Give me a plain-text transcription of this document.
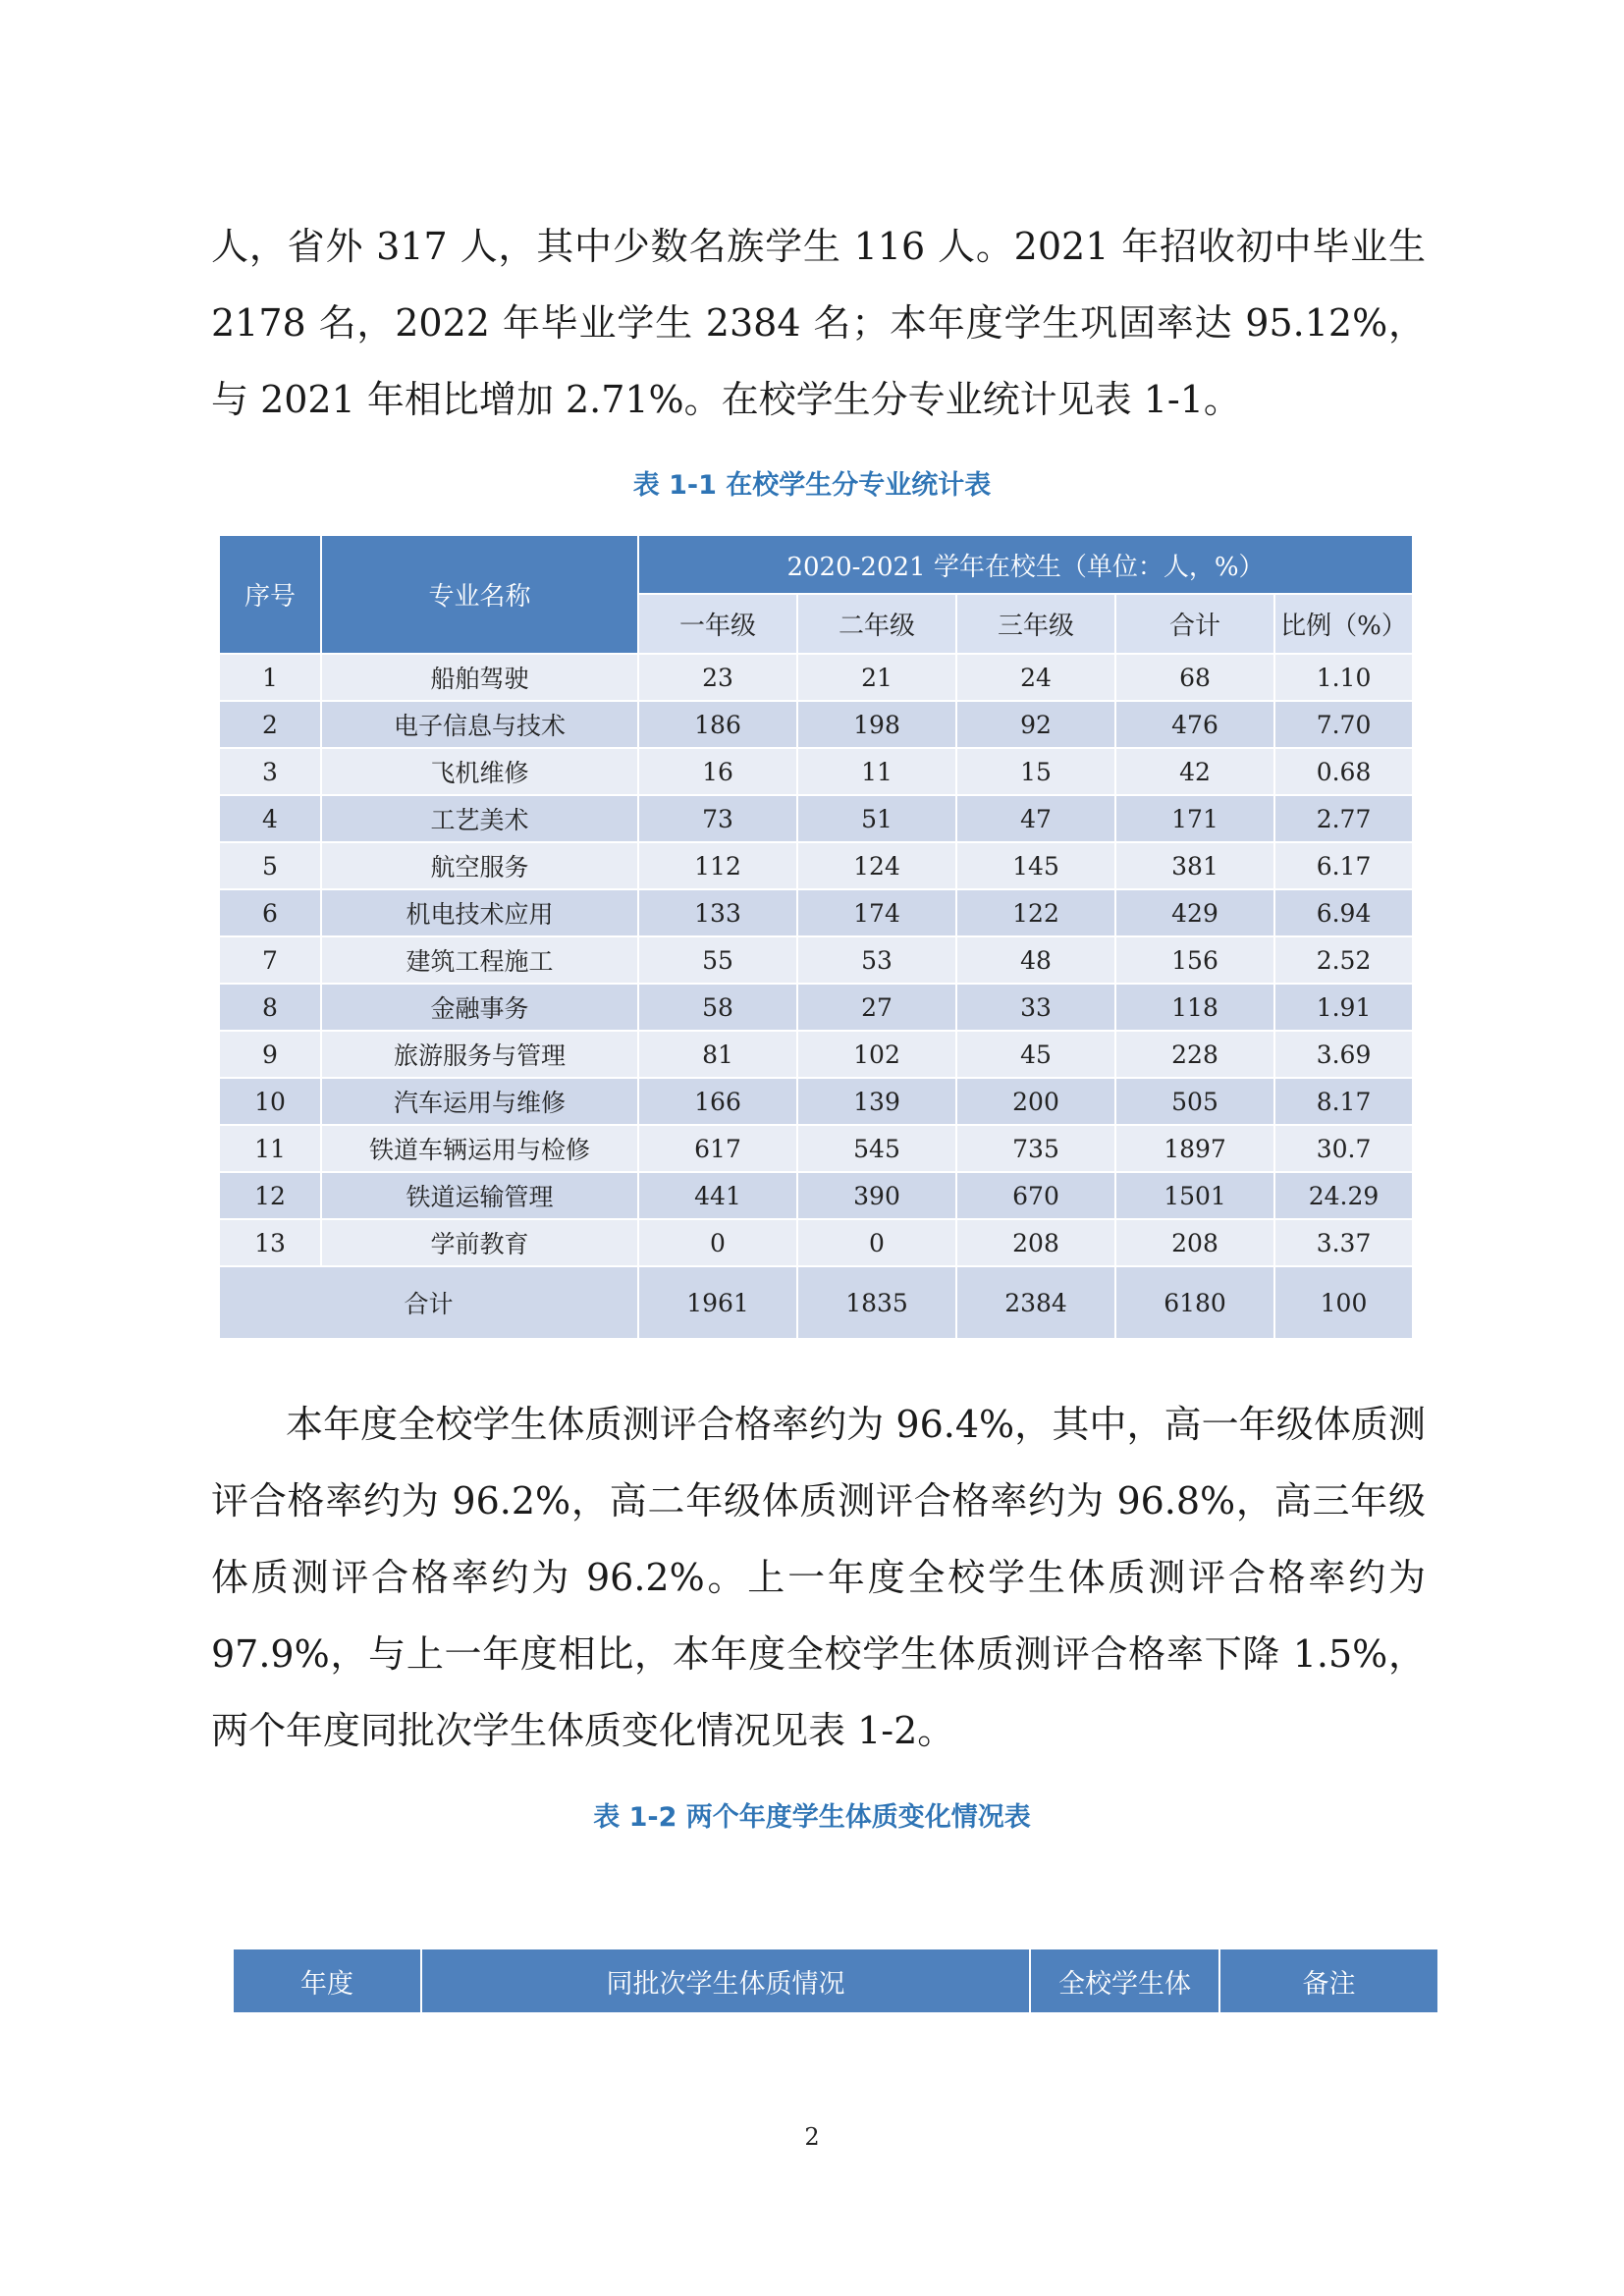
人，省外 317 人，其中少数名族学生 116 人。2021 年招收初中毕业生 2178 名，2022 年毕业学生 2384 名；本年度学生巩固率达 95.12%，与 2021 年相比增加 2.71%。在校学生分专业统计见表 1-1。

表 1-1 在校学生分专业统计表

序号	专业名称	2020-2021 学年在校生（单位：人，%）				
		一年级	二年级	三年级	合计	比例（%）
1	船舶驾驶	23	21	24	68	1.10
2	电子信息与技术	186	198	92	476	7.70
3	飞机维修	16	11	15	42	0.68
4	工艺美术	73	51	47	171	2.77
5	航空服务	112	124	145	381	6.17
6	机电技术应用	133	174	122	429	6.94
7	建筑工程施工	55	53	48	156	2.52
8	金融事务	58	27	33	118	1.91
9	旅游服务与管理	81	102	45	228	3.69
10	汽车运用与维修	166	139	200	505	8.17
11	铁道车辆运用与检修	617	545	735	1897	30.7
12	铁道运输管理	441	390	670	1501	24.29
13	学前教育	0	0	208	208	3.37
合计		1961	1835	2384	6180	100

本年度全校学生体质测评合格率约为 96.4%，其中，高一年级体质测评合格率约为 96.2%，高二年级体质测评合格率约为 96.8%，高三年级体质测评合格率约为 96.2%。上一年度全校学生体质测评合格率约为 97.9%，与上一年度相比，本年度全校学生体质测评合格率下降 1.5%，两个年度同批次学生体质变化情况见表 1-2。

表 1-2 两个年度学生体质变化情况表

年度	同批次学生体质情况	全校学生体	备注
2
